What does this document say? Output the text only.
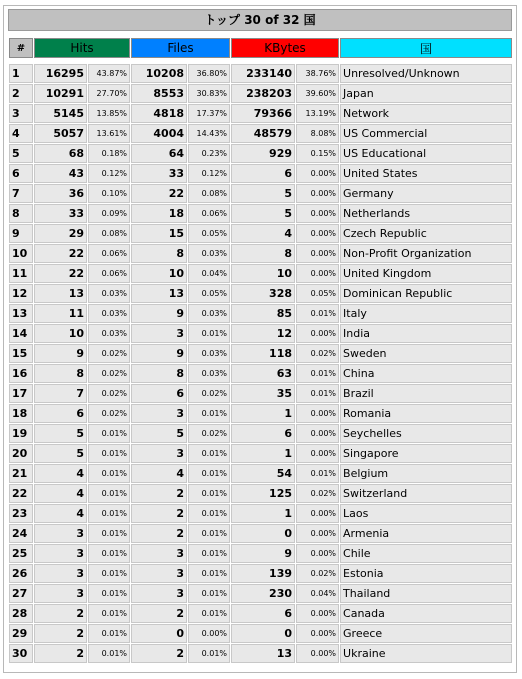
トップ 30 of 32 国
#	Hits		Files		KBytes		国

1	16295	43.87%	10208	36.80%	233140	38.76%	Unresolved/Unknown
2	10291	27.70%	8553	30.83%	238203	39.60%	Japan
3	5145	13.85%	4818	17.37%	79366	13.19%	Network
4	5057	13.61%	4004	14.43%	48579	8.08%	US Commercial
5	68	0.18%	64	0.23%	929	0.15%	US Educational
6	43	0.12%	33	0.12%	6	0.00%	United States
7	36	0.10%	22	0.08%	5	0.00%	Germany
8	33	0.09%	18	0.06%	5	0.00%	Netherlands
9	29	0.08%	15	0.05%	4	0.00%	Czech Republic
10	22	0.06%	8	0.03%	8	0.00%	Non-Profit Organization
11	22	0.06%	10	0.04%	10	0.00%	United Kingdom
12	13	0.03%	13	0.05%	328	0.05%	Dominican Republic
13	11	0.03%	9	0.03%	85	0.01%	Italy
14	10	0.03%	3	0.01%	12	0.00%	India
15	9	0.02%	9	0.03%	118	0.02%	Sweden
16	8	0.02%	8	0.03%	63	0.01%	China
17	7	0.02%	6	0.02%	35	0.01%	Brazil
18	6	0.02%	3	0.01%	1	0.00%	Romania
19	5	0.01%	5	0.02%	6	0.00%	Seychelles
20	5	0.01%	3	0.01%	1	0.00%	Singapore
21	4	0.01%	4	0.01%	54	0.01%	Belgium
22	4	0.01%	2	0.01%	125	0.02%	Switzerland
23	4	0.01%	2	0.01%	1	0.00%	Laos
24	3	0.01%	2	0.01%	0	0.00%	Armenia
25	3	0.01%	3	0.01%	9	0.00%	Chile
26	3	0.01%	3	0.01%	139	0.02%	Estonia
27	3	0.01%	3	0.01%	230	0.04%	Thailand
28	2	0.01%	2	0.01%	6	0.00%	Canada
29	2	0.01%	0	0.00%	0	0.00%	Greece
30	2	0.01%	2	0.01%	13	0.00%	Ukraine
